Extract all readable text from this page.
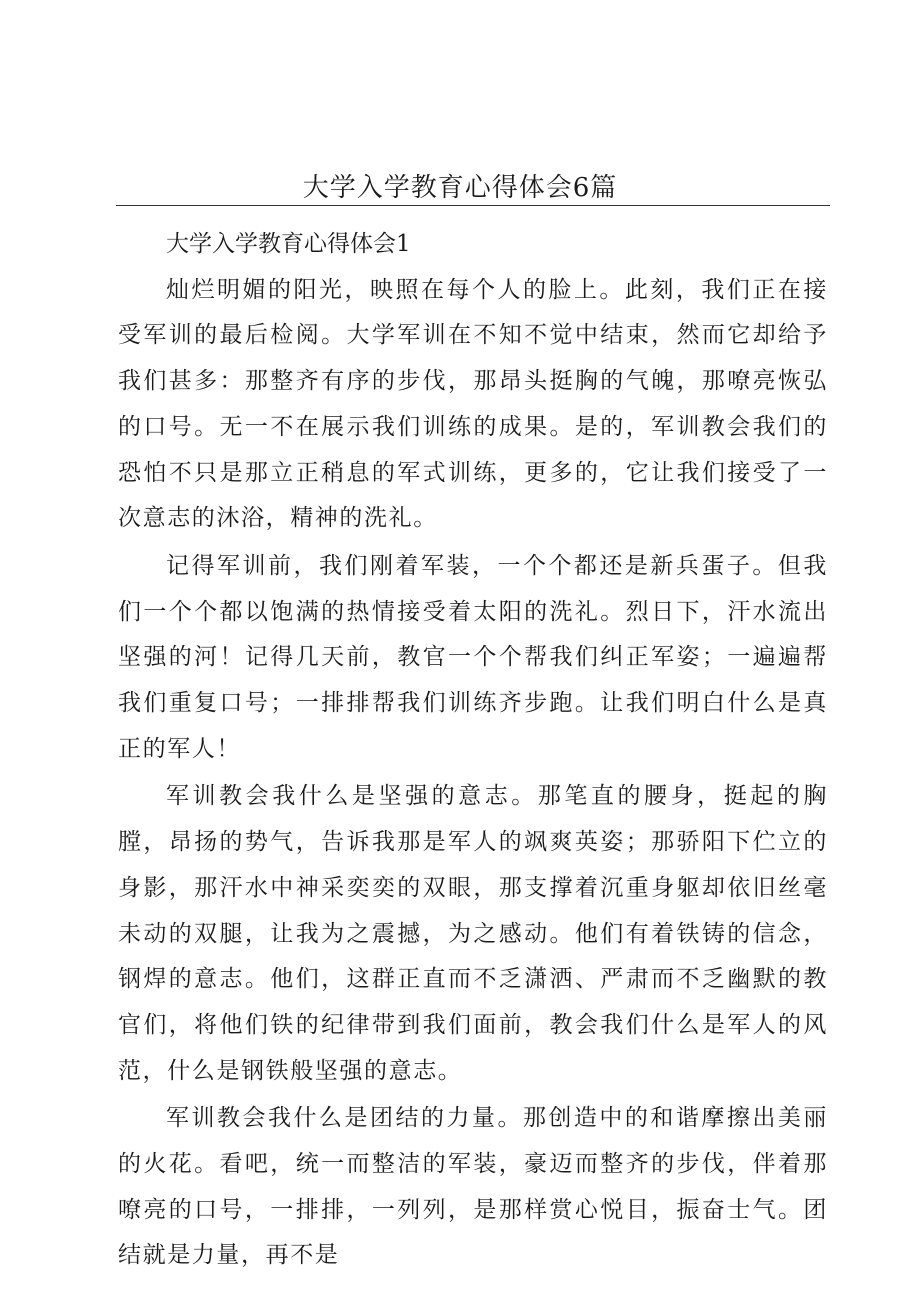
大学入学教育心得体会6篇
大学入学教育心得体会1

灿烂明媚的阳光，映照在每个人的脸上。此刻，我们正在接受军训的最后检阅。大学军训在不知不觉中结束，然而它却给予我们甚多：那整齐有序的步伐，那昂头挺胸的气魄，那嘹亮恢弘的口号。无一不在展示我们训练的成果。是的，军训教会我们的恐怕不只是那立正稍息的军式训练，更多的，它让我们接受了一次意志的沐浴，精神的洗礼。

记得军训前，我们刚着军装，一个个都还是新兵蛋子。但我们一个个都以饱满的热情接受着太阳的洗礼。烈日下，汗水流出坚强的河！记得几天前，教官一个个帮我们纠正军姿；一遍遍帮我们重复口号；一排排帮我们训练齐步跑。让我们明白什么是真正的军人！

军训教会我什么是坚强的意志。那笔直的腰身，挺起的胸膛，昂扬的势气，告诉我那是军人的飒爽英姿；那骄阳下伫立的身影，那汗水中神采奕奕的双眼，那支撑着沉重身躯却依旧丝毫未动的双腿，让我为之震撼，为之感动。他们有着铁铸的信念，钢焊的意志。他们，这群正直而不乏潇洒、严肃而不乏幽默的教官们，将他们铁的纪律带到我们面前，教会我们什么是军人的风范，什么是钢铁般坚强的意志。

军训教会我什么是团结的力量。那创造中的和谐摩擦出美丽的火花。看吧，统一而整洁的军装，豪迈而整齐的步伐，伴着那嘹亮的口号，一排排，一列列，是那样赏心悦目，振奋士气。团结就是力量，再不是
